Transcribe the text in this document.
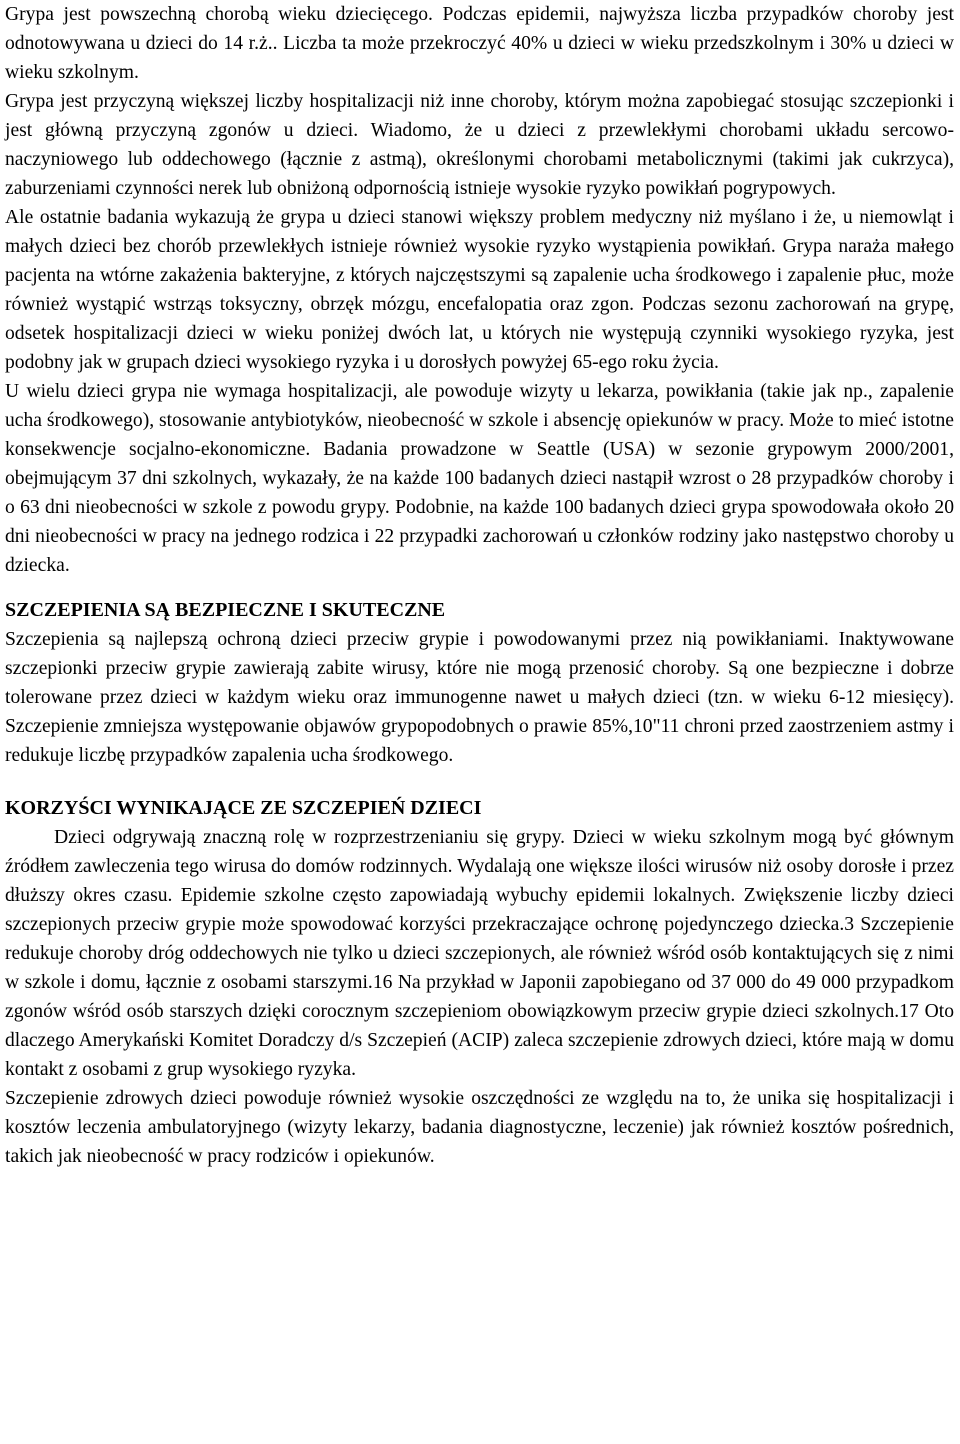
Grypa jest powszechną chorobą wieku dziecięcego. Podczas epidemii, najwyższa liczba przypadków choroby jest odnotowywana u dzieci do 14 r.ż.. Liczba ta może przekroczyć 40% u dzieci w wieku przedszkolnym i 30% u dzieci w wieku szkolnym.

Grypa jest przyczyną większej liczby hospitalizacji niż inne choroby, którym można zapobiegać stosując szczepionki i jest główną przyczyną zgonów u dzieci. Wiadomo, że u dzieci z przewlekłymi chorobami układu sercowo-naczyniowego lub oddechowego (łącznie z astmą), określonymi chorobami metabolicznymi (takimi jak cukrzyca), zaburzeniami czynności nerek lub obniżoną odpornością istnieje wysokie ryzyko powikłań pogrypowych.

Ale ostatnie badania wykazują że grypa u dzieci stanowi większy problem medyczny niż myślano i że, u niemowląt i małych dzieci bez chorób przewlekłych istnieje również wysokie ryzyko wystąpienia powikłań. Grypa naraża małego pacjenta na wtórne zakażenia bakteryjne, z których najczęstszymi są zapalenie ucha środkowego i zapalenie płuc, może również wystąpić wstrząs toksyczny, obrzęk mózgu, encefalopatia oraz zgon. Podczas sezonu zachorowań na grypę, odsetek hospitalizacji dzieci w wieku poniżej dwóch lat, u których nie występują czynniki wysokiego ryzyka, jest podobny jak w grupach dzieci wysokiego ryzyka i u dorosłych powyżej 65-ego roku życia.

U wielu dzieci grypa nie wymaga hospitalizacji, ale powoduje wizyty u lekarza, powikłania (takie jak np., zapalenie ucha środkowego), stosowanie antybiotyków, nieobecność w szkole i absencję opiekunów w pracy. Może to mieć istotne konsekwencje socjalno-ekonomiczne. Badania prowadzone w Seattle (USA) w sezonie grypowym 2000/2001, obejmującym 37 dni szkolnych, wykazały, że na każde 100 badanych dzieci nastąpił wzrost o 28 przypadków choroby i o 63 dni nieobecności w szkole z powodu grypy. Podobnie, na każde 100 badanych dzieci grypa spowodowała około 20 dni nieobecności w pracy na jednego rodzica i 22 przypadki zachorowań u członków rodziny jako następstwo choroby u dziecka.

SZCZEPIENIA SĄ BEZPIECZNE I SKUTECZNE

Szczepienia są najlepszą ochroną dzieci przeciw grypie i powodowanymi przez nią powikłaniami. Inaktywowane szczepionki przeciw grypie zawierają zabite wirusy, które nie mogą przenosić choroby. Są one bezpieczne i dobrze tolerowane przez dzieci w każdym wieku oraz immunogenne nawet u małych dzieci (tzn. w wieku 6-12 miesięcy). Szczepienie zmniejsza występowanie objawów grypopodobnych o prawie 85%,10"11 chroni przed zaostrzeniem astmy i redukuje liczbę przypadków zapalenia ucha środkowego.

KORZYŚCI WYNIKAJĄCE ZE SZCZEPIEŃ DZIECI

Dzieci odgrywają znaczną rolę w rozprzestrzenianiu się grypy. Dzieci w wieku szkolnym mogą być głównym źródłem zawleczenia tego wirusa do domów rodzinnych. Wydalają one większe ilości wirusów niż osoby dorosłe i przez dłuższy okres czasu. Epidemie szkolne często zapowiadają wybuchy epidemii lokalnych. Zwiększenie liczby dzieci szczepionych przeciw grypie może spowodować korzyści przekraczające ochronę pojedynczego dziecka.3 Szczepienie redukuje choroby dróg oddechowych nie tylko u dzieci szczepionych, ale również wśród osób kontaktujących się z nimi w szkole i domu, łącznie z osobami starszymi.16 Na przykład w Japonii zapobiegano od 37 000 do 49 000 przypadkom zgonów wśród osób starszych dzięki corocznym szczepieniom obowiązkowym przeciw grypie dzieci szkolnych.17 Oto dlaczego Amerykański Komitet Doradczy d/s Szczepień (ACIP) zaleca szczepienie zdrowych dzieci, które mają w domu kontakt z osobami z grup wysokiego ryzyka.

Szczepienie zdrowych dzieci powoduje również wysokie oszczędności ze względu na to, że unika się hospitalizacji i kosztów leczenia ambulatoryjnego (wizyty lekarzy, badania diagnostyczne, leczenie) jak również kosztów pośrednich, takich jak nieobecność w pracy rodziców i opiekunów.
